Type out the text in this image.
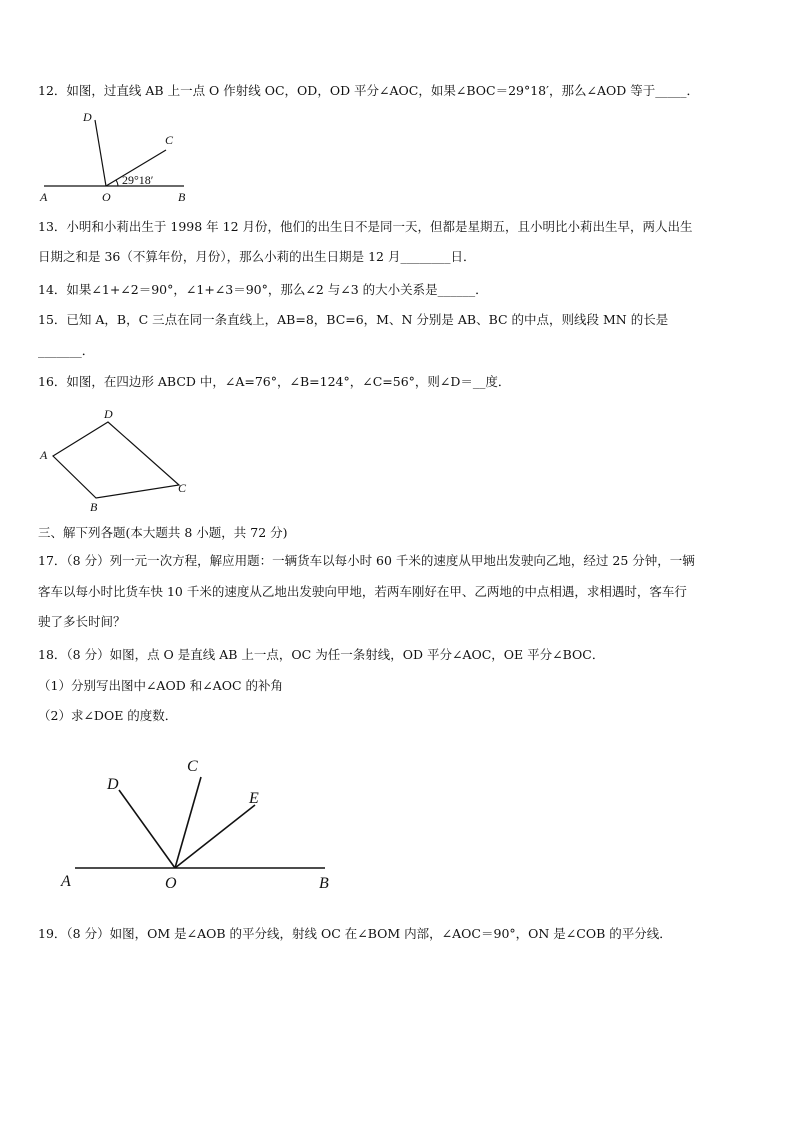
12．如图，过直线 AB 上一点 O 作射线 OC，OD，OD 平分∠AOC，如果∠BOC＝29°18′，那么∠AOD 等于_____．
D
C
A	O	B
29°18′
13．小明和小莉出生于 1998 年 12 月份，他们的出生日不是同一天，但都是星期五，且小明比小莉出生早，两人出生
日期之和是 36（不算年份，月份），那么小莉的出生日期是 12 月________日．
14．如果∠1+∠2＝90°，∠1+∠3＝90°，那么∠2 与∠3 的大小关系是______．
15．已知 A，B，C 三点在同一条直线上，AB=8，BC=6，M、N 分别是 AB、BC 的中点，则线段 MN 的长是
_______．
16．如图，在四边形 ABCD 中，∠A=76°，∠B=124°，∠C=56°，则∠D＝__度．
D
A
B
C
三、解下列各题(本大题共 8 小题，共 72 分)
17．（8 分）列一元一次方程，解应用题：一辆货车以每小时 60 千米的速度从甲地出发驶向乙地，经过 25 分钟，一辆
客车以每小时比货车快 10 千米的速度从乙地出发驶向甲地，若两车刚好在甲、乙两地的中点相遇，求相遇时，客车行
驶了多长时间？
18．（8 分）如图，点 O 是直线 AB 上一点，OC 为任一条射线，OD 平分∠AOC，OE 平分∠BOC．
（1）分别写出图中∠AOD 和∠AOC 的补角
（2）求∠DOE 的度数．
C
D
E
A	O	B
19．（8 分）如图，OM 是∠AOB 的平分线，射线 OC 在∠BOM 内部，∠AOC＝90°，ON 是∠COB 的平分线．
